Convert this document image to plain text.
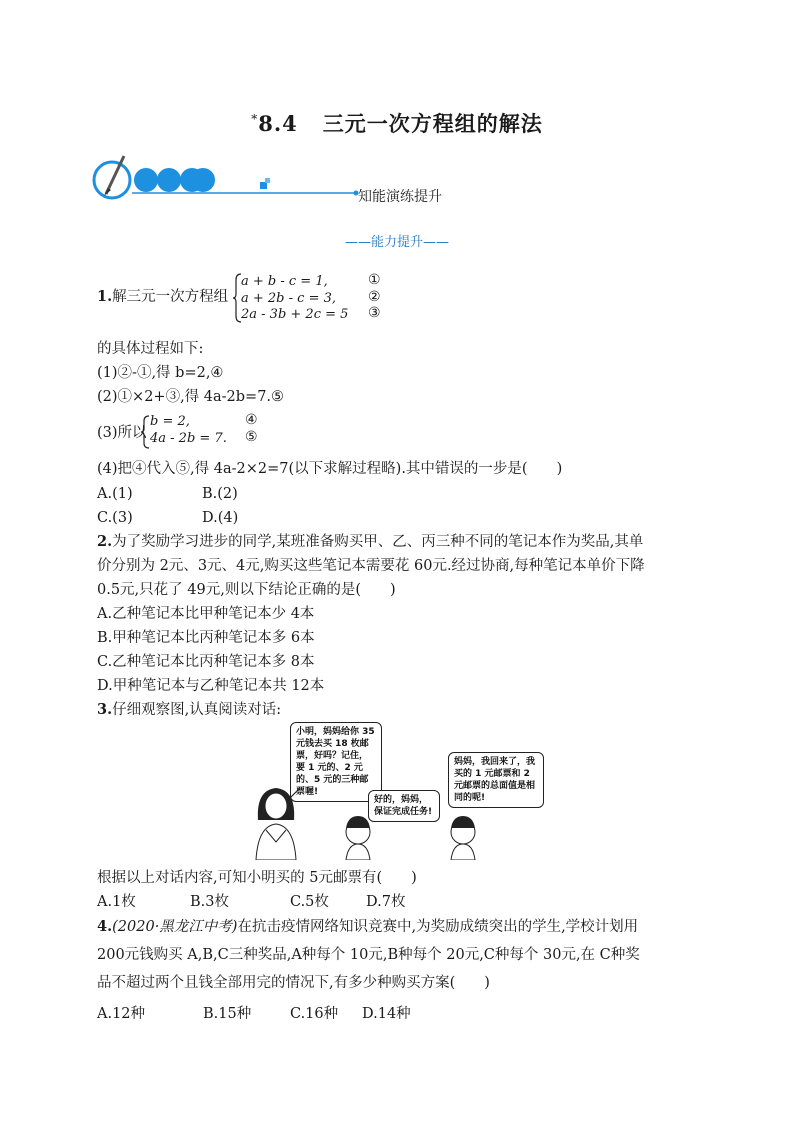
*8.4 三元一次方程组的解法
知能演练提升
——能力提升——
1.解三元一次方程组
a + b - c = 1,
a + 2b - c = 3,
2a - 3b + 2c = 5
①
②
③
的具体过程如下:
(1)②-①,得 b=2,④
(2)①×2+③,得 4a-2b=7.⑤
(3)所以
b = 2,
4a - 2b = 7.
④
⑤
(4)把④代入⑤,得 4a-2×2=7(以下求解过程略).其中错误的一步是(　　)
A.(1)	B.(2)
C.(3)	D.(4)
2.为了奖励学习进步的同学,某班准备购买甲、乙、丙三种不同的笔记本作为奖品,其单
价分别为 2元、3元、4元,购买这些笔记本需要花 60元.经过协商,每种笔记本单价下降
0.5元,只花了 49元,则以下结论正确的是(　　)
A.乙种笔记本比甲种笔记本少 4本
B.甲种笔记本比丙种笔记本多 6本
C.乙种笔记本比丙种笔记本多 8本
D.甲种笔记本与乙种笔记本共 12本
3.仔细观察图,认真阅读对话:
小明，妈妈给你 35 元钱去买 18 枚邮票，好吗？记住，要 1 元的、2 元的、5 元的三种邮票喔!
好的，妈妈，保证完成任务!
妈妈，我回来了，我买的 1 元邮票和 2 元邮票的总面值是相同的呢!
根据以上对话内容,可知小明买的 5元邮票有(　　)
A.1枚	B.3枚	C.5枚	D.7枚
4.(2020·黑龙江中考)在抗击疫情网络知识竞赛中,为奖励成绩突出的学生,学校计划用
200元钱购买 A,B,C三种奖品,A种每个 10元,B种每个 20元,C种每个 30元,在 C种奖
品不超过两个且钱全部用完的情况下,有多少种购买方案(　　)
A.12种	B.15种	C.16种 D.14种
